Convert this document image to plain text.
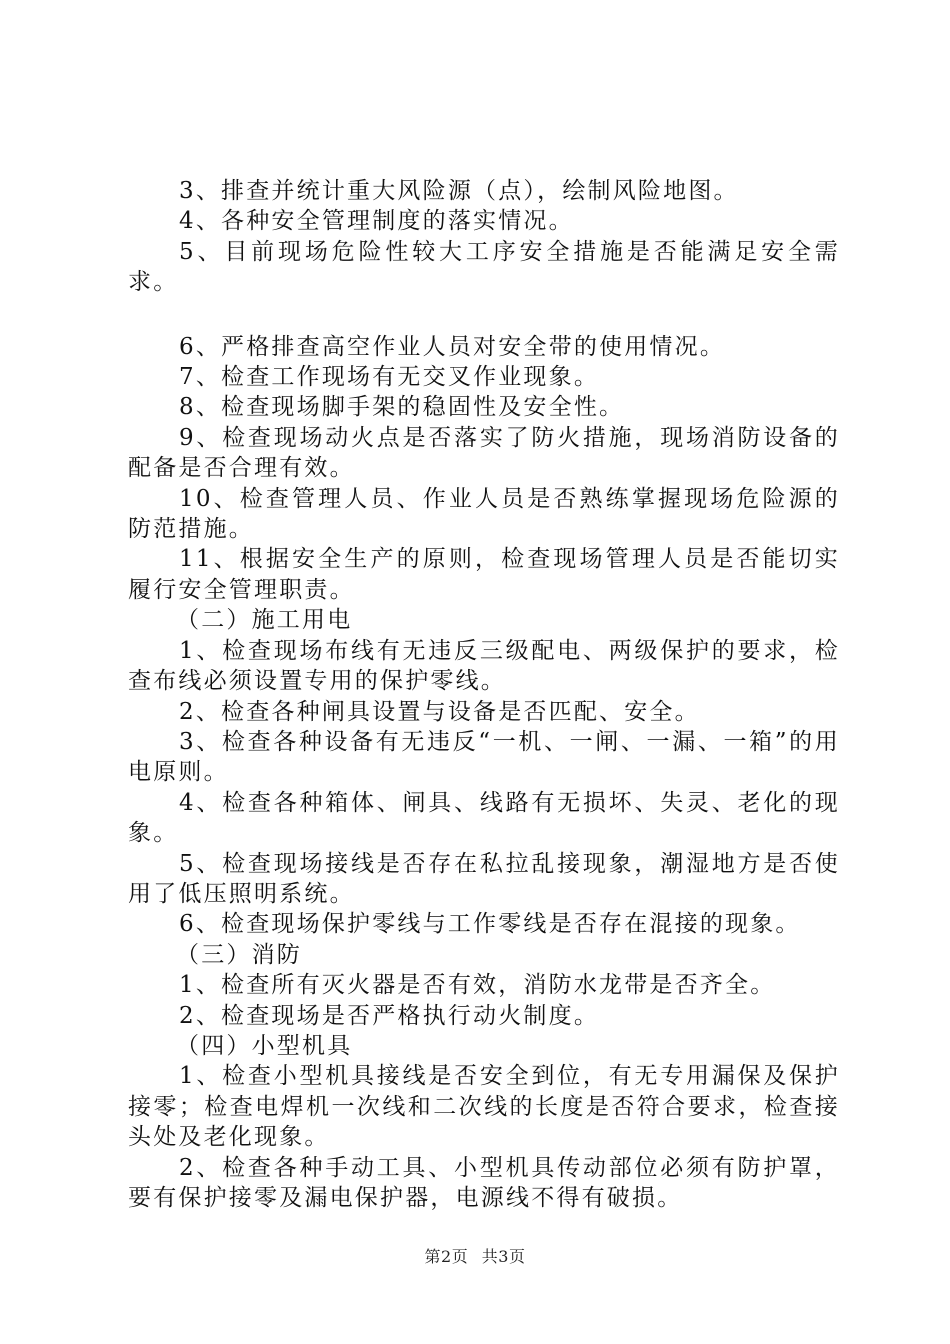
3、排查并统计重大风险源（点），绘制风险地图。

4、各种安全管理制度的落实情况。

5、目前现场危险性较大工序安全措施是否能满足安全需求。

6、严格排查高空作业人员对安全带的使用情况。

7、检查工作现场有无交叉作业现象。

8、检查现场脚手架的稳固性及安全性。

9、检查现场动火点是否落实了防火措施，现场消防设备的配备是否合理有效。

10、检查管理人员、作业人员是否熟练掌握现场危险源的防范措施。

11、根据安全生产的原则，检查现场管理人员是否能切实履行安全管理职责。

（二）施工用电

1、检查现场布线有无违反三级配电、两级保护的要求，检查布线必须设置专用的保护零线。

2、检查各种闸具设置与设备是否匹配、安全。

3、检查各种设备有无违反“一机、一闸、一漏、一箱”的用电原则。

4、检查各种箱体、闸具、线路有无损坏、失灵、老化的现象。

5、检查现场接线是否存在私拉乱接现象，潮湿地方是否使用了低压照明系统。

6、检查现场保护零线与工作零线是否存在混接的现象。

（三）消防

1、检查所有灭火器是否有效，消防水龙带是否齐全。

2、检查现场是否严格执行动火制度。

（四）小型机具

1、检查小型机具接线是否安全到位，有无专用漏保及保护接零；检查电焊机一次线和二次线的长度是否符合要求，检查接头处及老化现象。

2、检查各种手动工具、小型机具传动部位必须有防护罩，要有保护接零及漏电保护器，电源线不得有破损。

第2页 共3页
